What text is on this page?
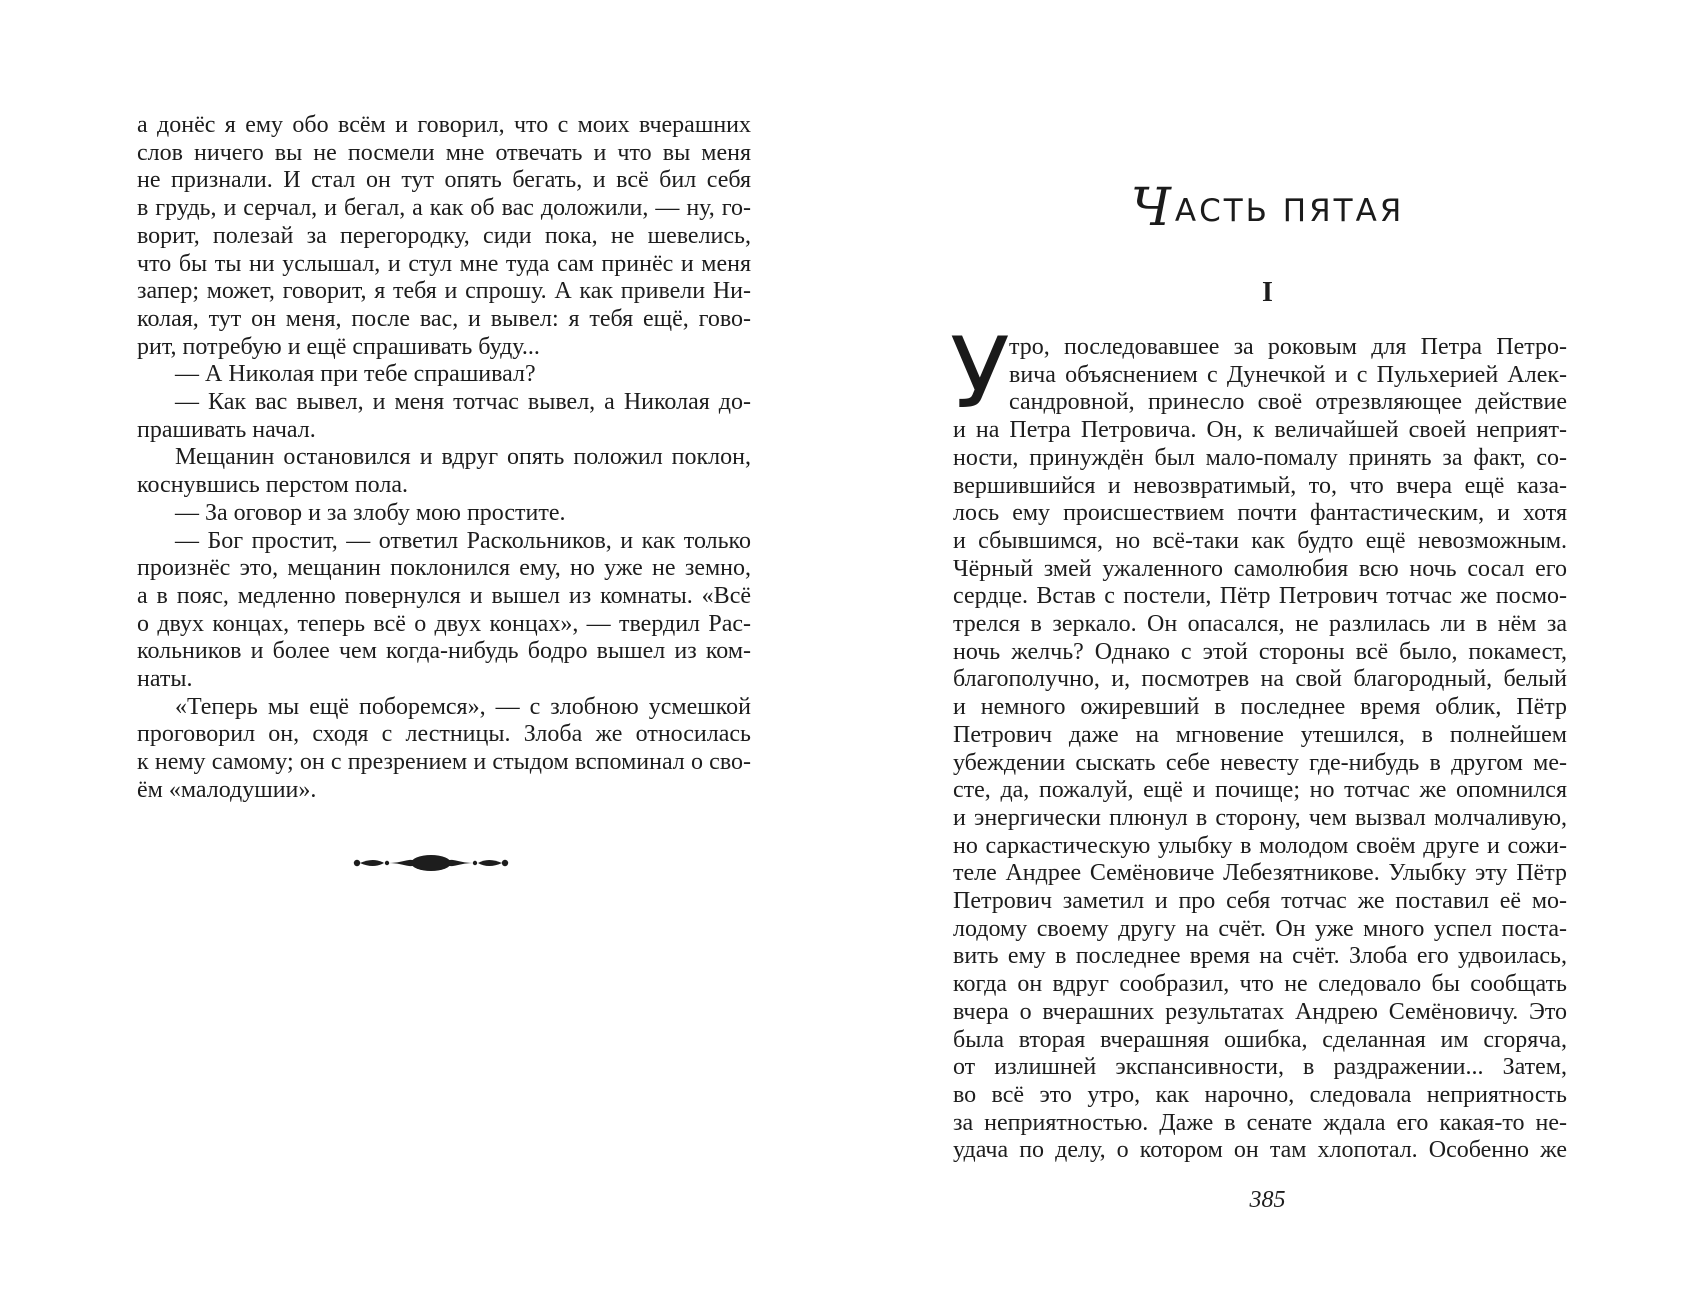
а донёс я ему обо всём и говорил, что с моих вчерашних
слов ничего вы не посмели мне отвечать и что вы меня
не признали. И стал он тут опять бегать, и всё бил себя
в грудь, и серчал, и бегал, а как об вас доложили, — ну, го-
ворит, полезай за перегородку, сиди пока, не шевелись,
что бы ты ни услышал, и стул мне туда сам принёс и меня
запер; может, говорит, я тебя и спрошу. А как привели Ни-
колая, тут он меня, после вас, и вывел: я тебя ещё, гово-
рит, потребую и ещё спрашивать буду...
— А Николая при тебе спрашивал?
— Как вас вывел, и меня тотчас вывел, а Николая до-
прашивать начал.
Мещанин остановился и вдруг опять положил поклон,
коснувшись перстом пола.
— За оговор и за злобу мою простите.
— Бог простит, — ответил Раскольников, и как только
произнёс это, мещанин поклонился ему, но уже не земно,
а в пояс, медленно повернулся и вышел из комнаты. «Всё
о двух концах, теперь всё о двух концах», — твердил Рас-
кольников и более чем когда-нибудь бодро вышел из ком-
наты.
«Теперь мы ещё поборемся», — с злобною усмешкой
проговорил он, сходя с лестницы. Злоба же относилась
к нему самому; он с презрением и стыдом вспоминал о сво-
ём «малодушии».
ЧАСТЬ ПЯТАЯ
I
У тро, последовавшее за роковым для Петра Петро-
вича объяснением с Дунечкой и с Пульхерией Алек-
сандровной, принесло своё отрезвляющее действие
и на Петра Петровича. Он, к величайшей своей неприят-
ности, принуждён был мало-помалу принять за факт, со-
вершившийся и невозвратимый, то, что вчера ещё каза-
лось ему происшествием почти фантастическим, и хотя
и сбывшимся, но всё-таки как будто ещё невозможным.
Чёрный змей ужаленного самолюбия всю ночь сосал его
сердце. Встав с постели, Пётр Петрович тотчас же посмо-
трелся в зеркало. Он опасался, не разлилась ли в нём за
ночь желчь? Однако с этой стороны всё было, покамест,
благополучно, и, посмотрев на свой благородный, белый
и немного ожиревший в последнее время облик, Пётр
Петрович даже на мгновение утешился, в полнейшем
убеждении сыскать себе невесту где-нибудь в другом ме-
сте, да, пожалуй, ещё и почище; но тотчас же опомнился
и энергически плюнул в сторону, чем вызвал молчаливую,
но саркастическую улыбку в молодом своём друге и сожи-
теле Андрее Семёновиче Лебезятникове. Улыбку эту Пётр
Петрович заметил и про себя тотчас же поставил её мо-
лодому своему другу на счёт. Он уже много успел поста-
вить ему в последнее время на счёт. Злоба его удвоилась,
когда он вдруг сообразил, что не следовало бы сообщать
вчера о вчерашних результатах Андрею Семёновичу. Это
была вторая вчерашняя ошибка, сделанная им сгоряча,
от излишней экспансивности, в раздражении... Затем,
во всё это утро, как нарочно, следовала неприятность
за неприятностью. Даже в сенате ждала его какая-то не-
удача по делу, о котором он там хлопотал. Особенно же
385
